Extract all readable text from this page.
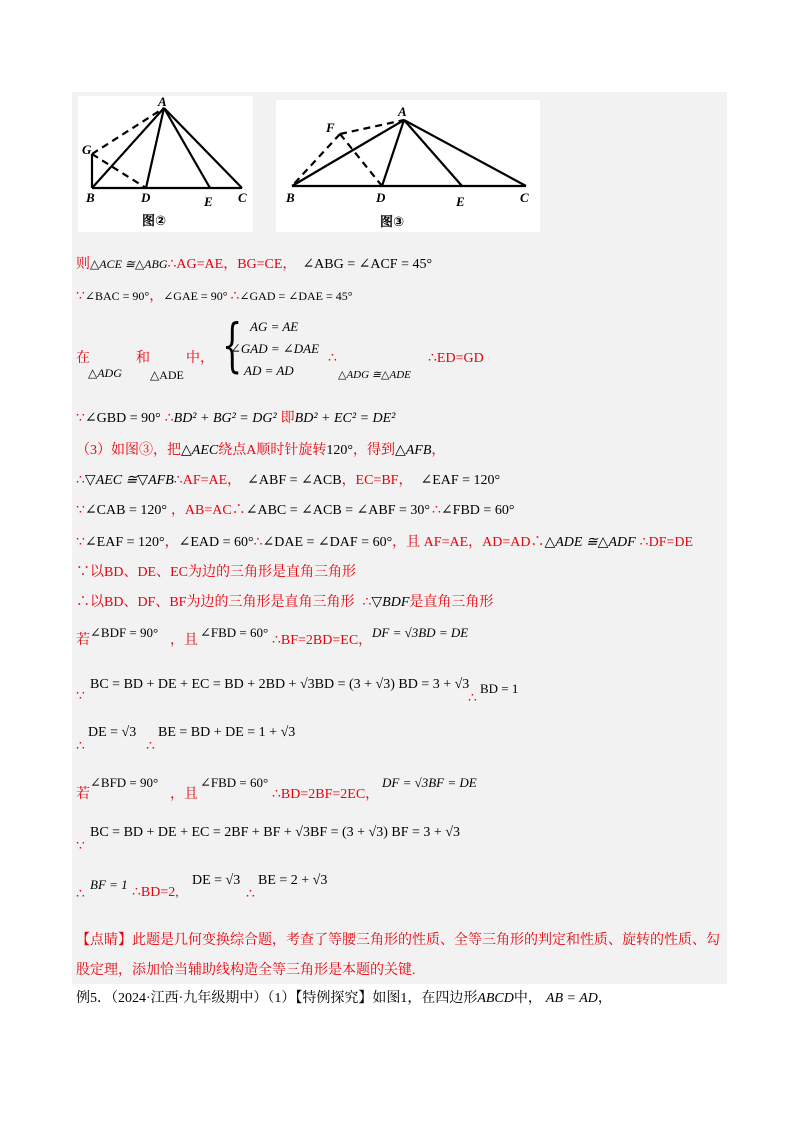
A
G
B	D	E C
图②
A
F
B	D	E	C
图③
则△ACE ≅△ABG∴AG=AE，BG=CE， ∠ABG = ∠ACF = 45°
∵∠BAC = 90°，∠GAE = 90° ∴∠GAD = ∠DAE = 45°
在	和	中，
△ADG △ADE { AG = AE
∠GAD = ∠DAE
AD = AD
∴
△ADG ≅△ADE
∴ED=GD
∵∠GBD = 90° ∴BD² + BG² = DG² 即BD² + EC² = DE²
（3）如图③，把△AEC绕点A顺时针旋转120°，得到△AFB，
∴▽AEC ≅▽AFB∴AF=AE， ∠ABF = ∠ACB，EC=BF， ∠EAF = 120°
∵∠CAB = 120° ，AB=AC∴∠ABC = ∠ACB = ∠ABF = 30° ∴∠FBD = 60°
∵∠EAF = 120°，∠EAD = 60°∴∠DAE = ∠DAF = 60°，且 AF=AE，AD=AD∴△ADE ≅△ADF ∴DF=DE
∵以BD、DE、EC为边的三角形是直角三角形
∴以BD、DF、BF为边的三角形是直角三角形 ∴▽BDF是直角三角形
若
∠BDF = 90°
，且
∠FBD = 60°
∴BF=2BD=EC，
DF = √3BD = DE
∵
BC = BD + DE + EC = BD + 2BD + √3BD = (3 + √3) BD = 3 + √3
∴
BD = 1
∴
DE = √3
∴
BE = BD + DE = 1 + √3
若
∠BFD = 90°
，且
∠FBD = 60°
∴BD=2BF=2EC，
DF = √3BF = DE
∵
BC = BD + DE + EC = 2BF + BF + √3BF = (3 + √3) BF = 3 + √3
∴
BF = 1
∴BD=2,
DE = √3
∴
BE = 2 + √3
【点睛】此题是几何变换综合题，考查了等腰三角形的性质、全等三角形的判定和性质、旋转的性质、勾
股定理，添加恰当辅助线构造全等三角形是本题的关键.
例5．（2024·江西·九年级期中）（1）【特例探究】如图1，在四边形ABCD中， AB = AD，
